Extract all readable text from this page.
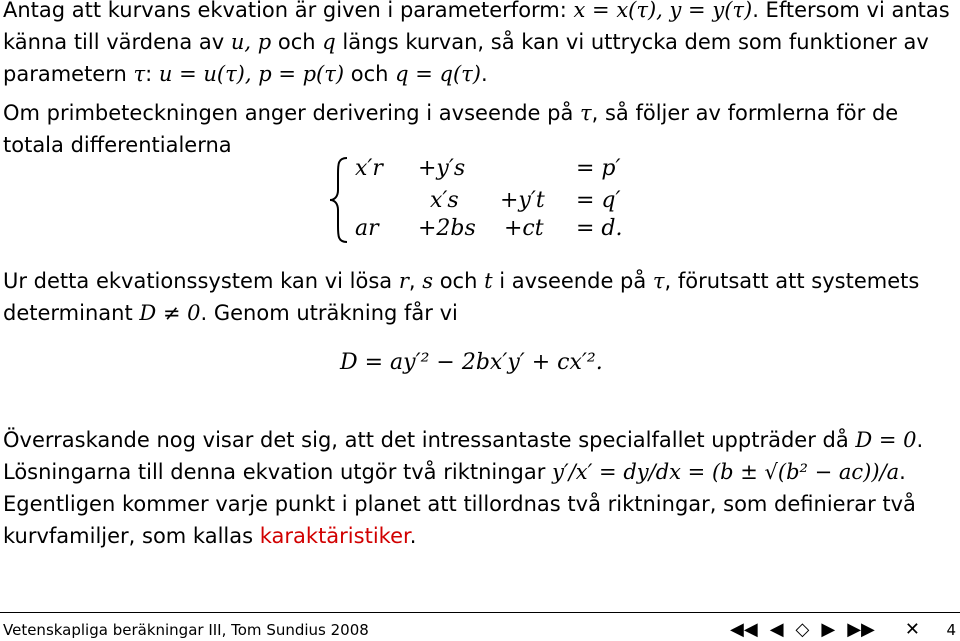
Antag att kurvans ekvation är given i parameterform: x = x(τ), y = y(τ). Eftersom vi antas känna till värdena av u, p och q längs kurvan, så kan vi uttrycka dem som funktioner av parametern τ: u = u(τ), p = p(τ) och q = q(τ).
Om primbeteckningen anger derivering i avseende på τ, så följer av formlerna för de totala differentialerna
x′r +y′s	= p′
x′s +y′t = q′
ar +2bs +ct = d.
Ur detta ekvationssystem kan vi lösa r, s och t i avseende på τ, förutsatt att systemets determinant D ≠ 0. Genom uträkning får vi
D = ay′² − 2bx′y′ + cx′².
Överraskande nog visar det sig, att det intressantaste specialfallet uppträder då D = 0. Lösningarna till denna ekvation utgör två riktningar y′/x′ = dy/dx = (b ± √(b² − ac))/a. Egentligen kommer varje punkt i planet att tillordnas två riktningar, som definierar två kurvfamiljer, som kallas karaktäristiker.
Vetenskapliga beräkningar III, Tom Sundius 2008	◀◀ ◀ ◇ ▶ ▶▶ ✕ 4
